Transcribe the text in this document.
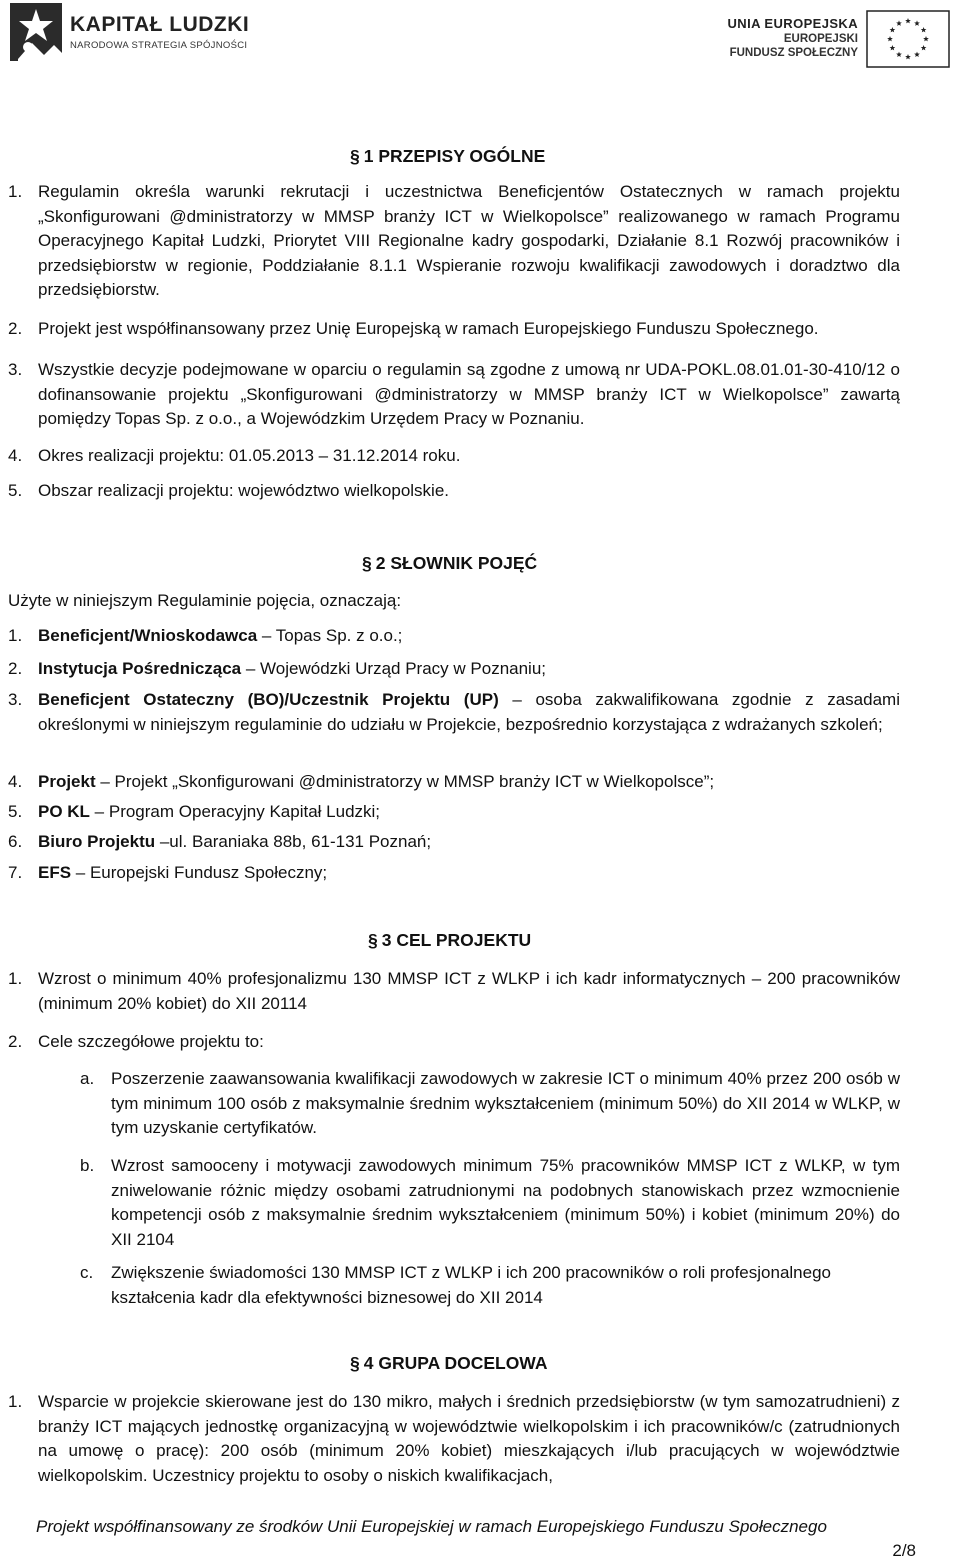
KAPITAŁ LUDZKI
NARODOWA STRATEGIA SPÓJNOŚCI
UNIA EUROPEJSKA
EUROPEJSKI
FUNDUSZ SPOŁECZNY
§ 1 PRZEPISY OGÓLNE
1. Regulamin określa warunki rekrutacji i uczestnictwa Beneficjentów Ostatecznych w ramach projektu „Skonfigurowani @dministratorzy w MMSP branży ICT w Wielkopolsce” realizowanego w ramach Programu Operacyjnego Kapitał Ludzki, Priorytet VIII Regionalne kadry gospodarki, Działanie 8.1 Rozwój pracowników i przedsiębiorstw w regionie, Poddziałanie 8.1.1 Wspieranie rozwoju kwalifikacji zawodowych i doradztwo dla przedsiębiorstw.
2. Projekt jest współfinansowany przez Unię Europejską w ramach Europejskiego Funduszu Społecznego.
3. Wszystkie decyzje podejmowane w oparciu o regulamin są zgodne z umową nr UDA-POKL.08.01.01-30-410/12 o dofinansowanie projektu „Skonfigurowani @dministratorzy w MMSP branży ICT w Wielkopolsce” zawartą pomiędzy Topas Sp. z o.o., a Wojewódzkim Urzędem Pracy w Poznaniu.
4. Okres realizacji projektu: 01.05.2013 – 31.12.2014 roku.
5. Obszar realizacji projektu: województwo wielkopolskie.
§ 2 SŁOWNIK POJĘĆ
Użyte w niniejszym Regulaminie pojęcia, oznaczają:
1. Beneficjent/Wnioskodawca – Topas Sp. z o.o.;
2. Instytucja Pośrednicząca – Wojewódzki Urząd Pracy w Poznaniu;
3. Beneficjent Ostateczny (BO)/Uczestnik Projektu (UP) – osoba zakwalifikowana zgodnie z zasadami określonymi w niniejszym regulaminie do udziału w Projekcie, bezpośrednio korzystająca z wdrażanych szkoleń;
4. Projekt – Projekt „Skonfigurowani @dministratorzy w MMSP branży ICT w Wielkopolsce”;
5. PO KL – Program Operacyjny Kapitał Ludzki;
6. Biuro Projektu –ul. Baraniaka 88b, 61-131 Poznań;
7. EFS – Europejski Fundusz Społeczny;
§ 3 CEL PROJEKTU
1. Wzrost o minimum 40% profesjonalizmu 130 MMSP ICT z WLKP i ich kadr informatycznych – 200 pracowników (minimum 20% kobiet) do XII 20114
2. Cele szczegółowe projektu to:
a. Poszerzenie zaawansowania kwalifikacji zawodowych w zakresie ICT o minimum 40% przez 200 osób w tym minimum 100 osób z maksymalnie średnim wykształceniem (minimum 50%) do XII 2014 w WLKP, w tym uzyskanie certyfikatów.
b. Wzrost samooceny i motywacji zawodowych minimum 75% pracowników MMSP ICT z WLKP, w tym zniwelowanie różnic między osobami zatrudnionymi na podobnych stanowiskach przez wzmocnienie kompetencji osób z maksymalnie średnim wykształceniem (minimum 50%) i kobiet (minimum 20%) do XII 2104
c. Zwiększenie świadomości 130 MMSP ICT z WLKP i ich 200 pracowników o roli profesjonalnego kształcenia kadr dla efektywności biznesowej do XII 2014
§ 4 GRUPA DOCELOWA
1. Wsparcie w projekcie skierowane jest do 130 mikro, małych i średnich przedsiębiorstw (w tym samozatrudnieni) z branży ICT mających jednostkę organizacyjną w województwie wielkopolskim i ich pracowników/c (zatrudnionych na umowę o pracę): 200 osób (minimum 20% kobiet) mieszkających i/lub pracujących w województwie wielkopolskim. Uczestnicy projektu to osoby o niskich kwalifikacjach,
Projekt współfinansowany ze środków Unii Europejskiej w ramach Europejskiego Funduszu Społecznego
2/8
